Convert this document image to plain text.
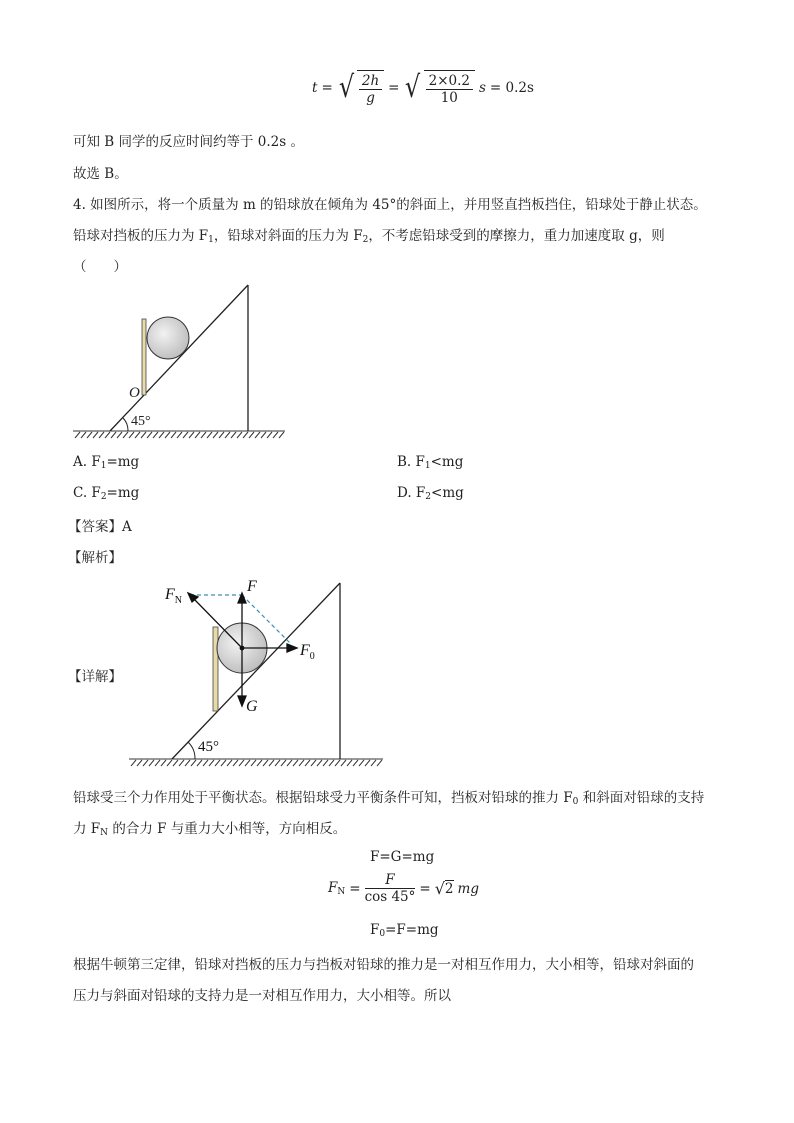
t = √ $\frac{2h}{g}$ = √ $\frac{2\times 0.2}{10}$ s = 0.2s
可知 B 同学的反应时间约等于 0.2s 。
故选 B。
4. 如图所示，将一个质量为 m 的铅球放在倾角为 45°的斜面上，并用竖直挡板挡住，铅球处于静止状态。
铅球对挡板的压力为 $F_1$，铅球对斜面的压力为 $F_2$，不考虑铅球受到的摩擦力，重力加速度取 g，则
（　　）
O
45°
A. $F_1=mg$	B. $F_1<mg$
C. $F_2=mg$	D. $F_2<mg$
【答案】A
【解析】
【详解】
$F_N$
F
$F_0$
G
45°
铅球受三个力作用处于平衡状态。根据铅球受力平衡条件可知，挡板对铅球的推力 $F_0$ 和斜面对铅球的支持
力 $F_N$ 的合力 F 与重力大小相等，方向相反。
F=G=mg
$F_N = \frac{F}{\cos 45^\circ}$ = √ 2 mg
$F_0=F=mg$
根据牛顿第三定律，铅球对挡板的压力与挡板对铅球的推力是一对相互作用力，大小相等，铅球对斜面的
压力与斜面对铅球的支持力是一对相互作用力，大小相等。所以
